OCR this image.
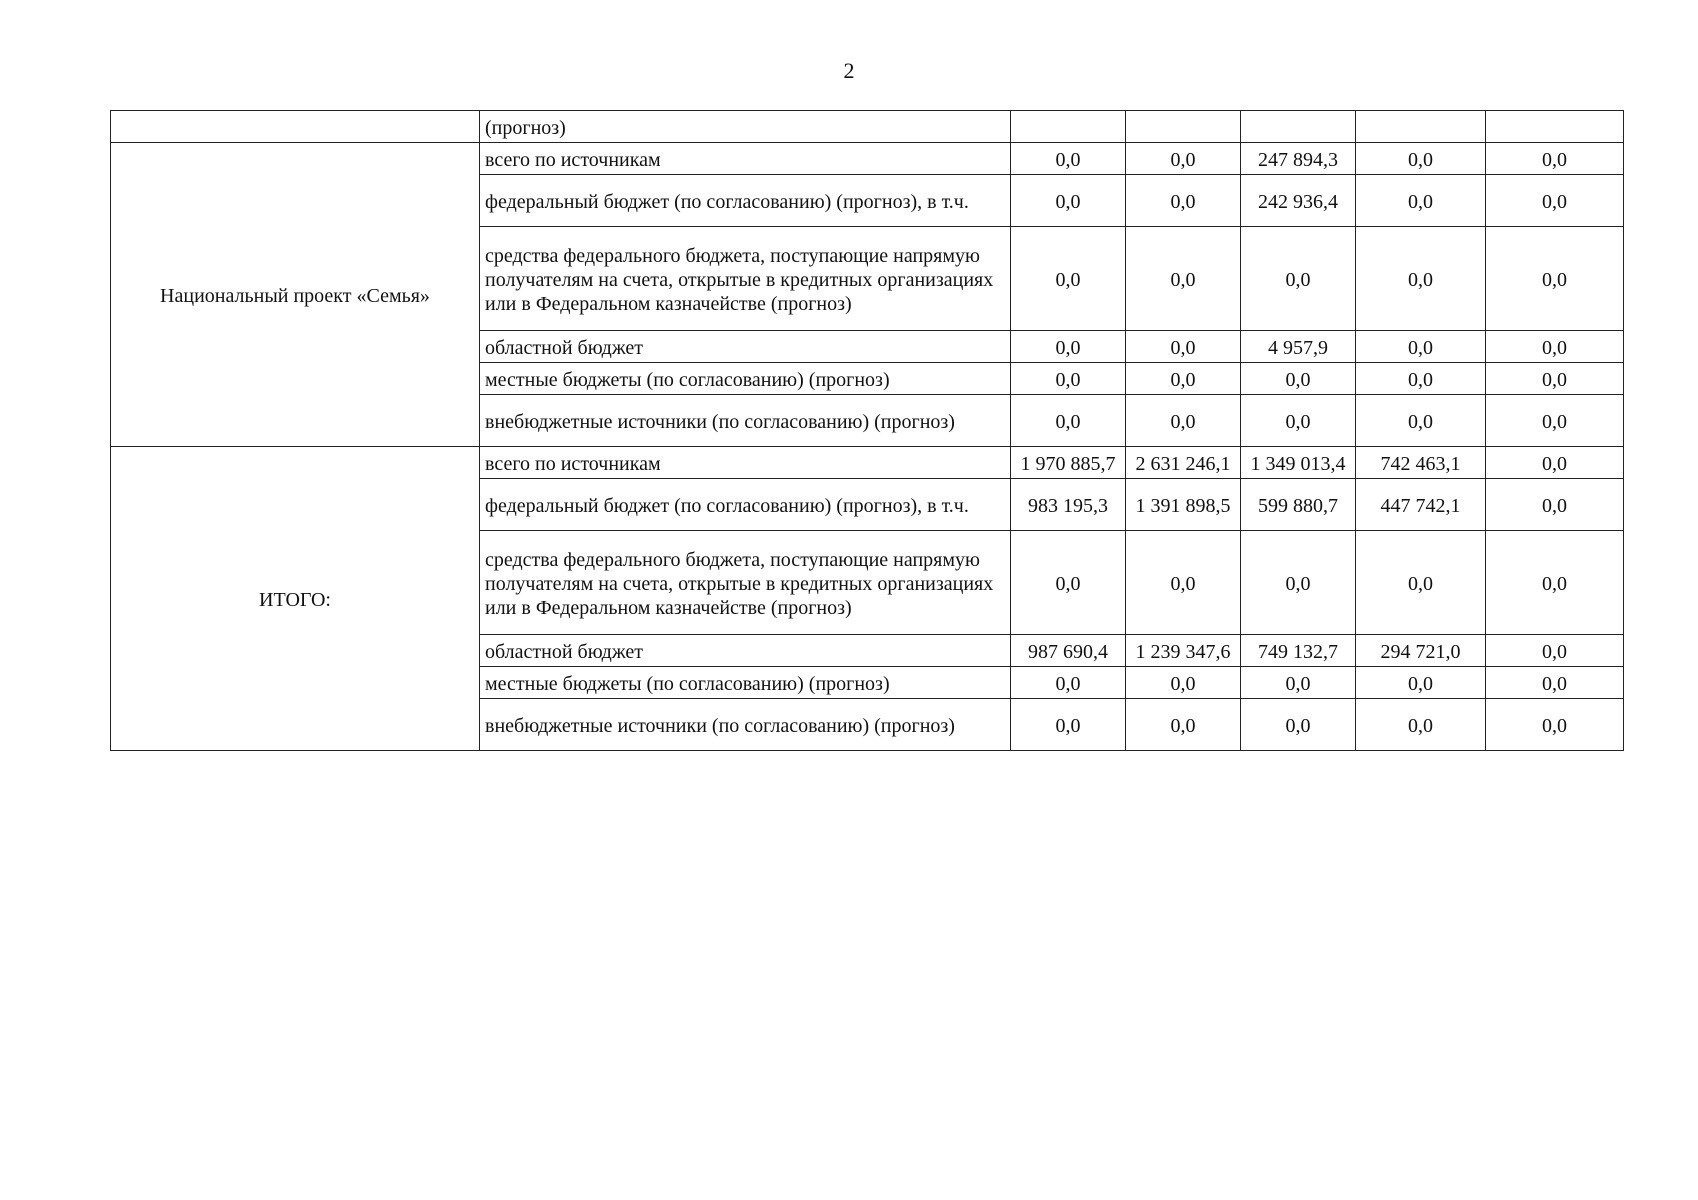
2
	(прогноз)					
Национальный проект «Семья»	всего по источникам	0,0	0,0	247 894,3	0,0	0,0
	федеральный бюджет (по согласованию) (прогноз), в т.ч.	0,0	0,0	242 936,4	0,0	0,0
	средства федерального бюджета, поступающие напрямую получателям на счета, открытые в кредитных организациях или в Федеральном казначействе (прогноз)	0,0	0,0	0,0	0,0	0,0
	областной бюджет	0,0	0,0	4 957,9	0,0	0,0
	местные бюджеты (по согласованию) (прогноз)	0,0	0,0	0,0	0,0	0,0
	внебюджетные источники (по согласованию) (прогноз)	0,0	0,0	0,0	0,0	0,0
ИТОГО:	всего по источникам	1 970 885,7	2 631 246,1	1 349 013,4	742 463,1	0,0
	федеральный бюджет (по согласованию) (прогноз), в т.ч.	983 195,3	1 391 898,5	599 880,7	447 742,1	0,0
	средства федерального бюджета, поступающие напрямую получателям на счета, открытые в кредитных организациях или в Федеральном казначействе (прогноз)	0,0	0,0	0,0	0,0	0,0
	областной бюджет	987 690,4	1 239 347,6	749 132,7	294 721,0	0,0
	местные бюджеты (по согласованию) (прогноз)	0,0	0,0	0,0	0,0	0,0
	внебюджетные источники (по согласованию) (прогноз)	0,0	0,0	0,0	0,0	0,0
